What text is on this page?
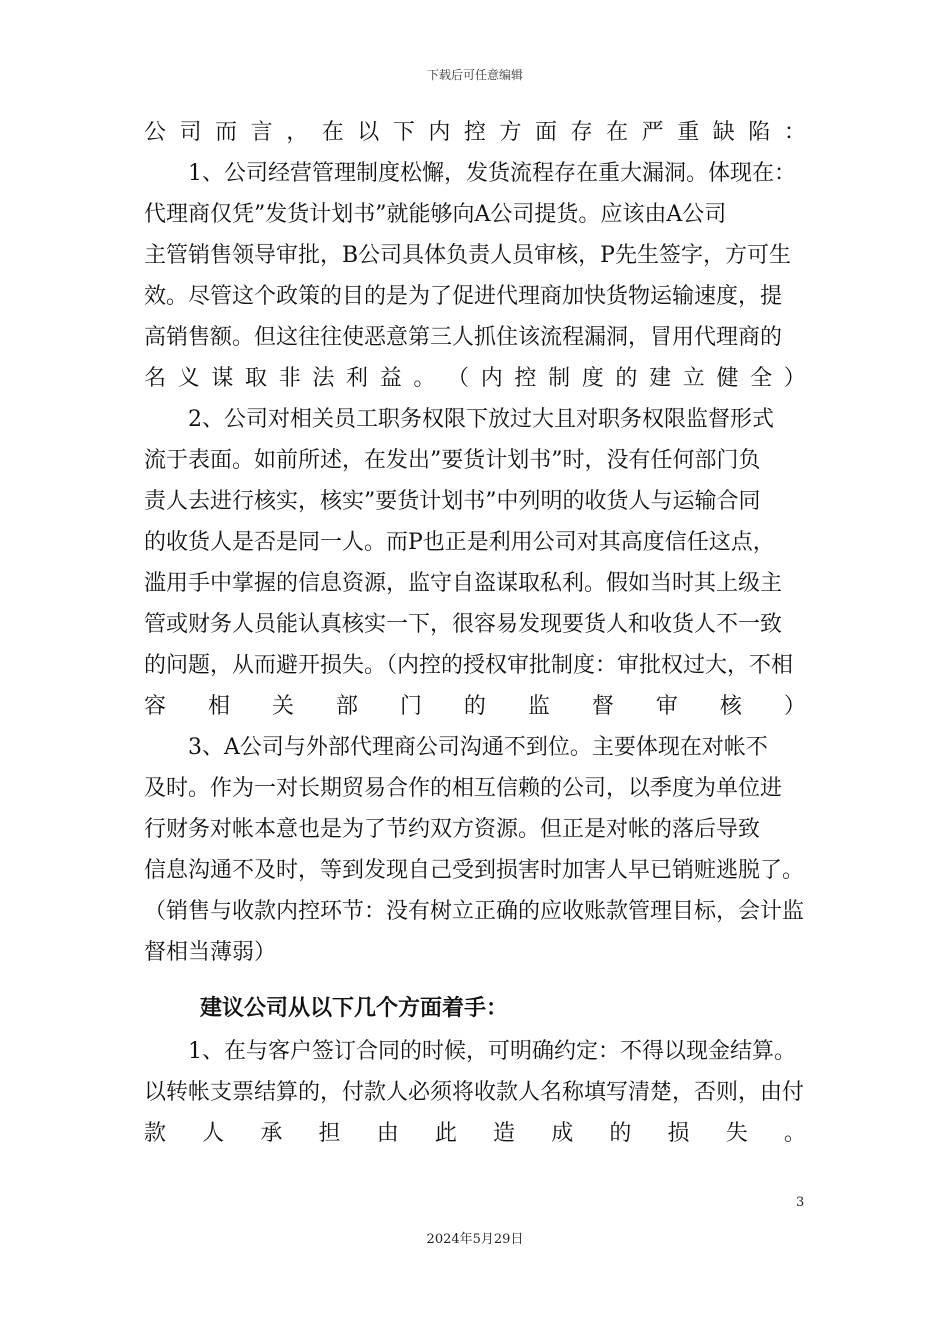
下载后可任意编辑
公 司 而 言 ， 在 以 下 内 控 方 面 存 在 严 重 缺 陷 ：
1、公司经营管理制度松懈，发货流程存在重大漏洞。体现在：
代理商仅凭”发货计划书”就能够向A公司提货。应该由A公司
主管销售领导审批，B公司具体负责人员审核，P先生签字，方可生
效。尽管这个政策的目的是为了促进代理商加快货物运输速度，提
高销售额。但这往往使恶意第三人抓住该流程漏洞，冒用代理商的
名 义 谋 取 非 法 利 益 。 （ 内 控 制 度 的 建 立 健 全 ）
2、公司对相关员工职务权限下放过大且对职务权限监督形式
流于表面。如前所述，在发出”要货计划书”时，没有任何部门负
责人去进行核实，核实”要货计划书”中列明的收货人与运输合同
的收货人是否是同一人。而P也正是利用公司对其高度信任这点，
滥用手中掌握的信息资源，监守自盗谋取私利。假如当时其上级主
管或财务人员能认真核实一下，很容易发现要货人和收货人不一致
的问题，从而避开损失。（内控的授权审批制度：审批权过大，不相
容 相 关 部 门 的 监 督 审 核 ）
3、A公司与外部代理商公司沟通不到位。主要体现在对帐不
及时。作为一对长期贸易合作的相互信赖的公司，以季度为单位进
行财务对帐本意也是为了节约双方资源。但正是对帐的落后导致
信息沟通不及时，等到发现自己受到损害时加害人早已销赃逃脱了。
（销售与收款内控环节：没有树立正确的应收账款管理目标，会计监
督相当薄弱）
建议公司从以下几个方面着手：
1、在与客户签订合同的时候，可明确约定：不得以现金结算。
以转帐支票结算的，付款人必须将收款人名称填写清楚，否则，由付
款 人 承 担 由 此 造 成 的 损 失 。
3
2024年5月29日
